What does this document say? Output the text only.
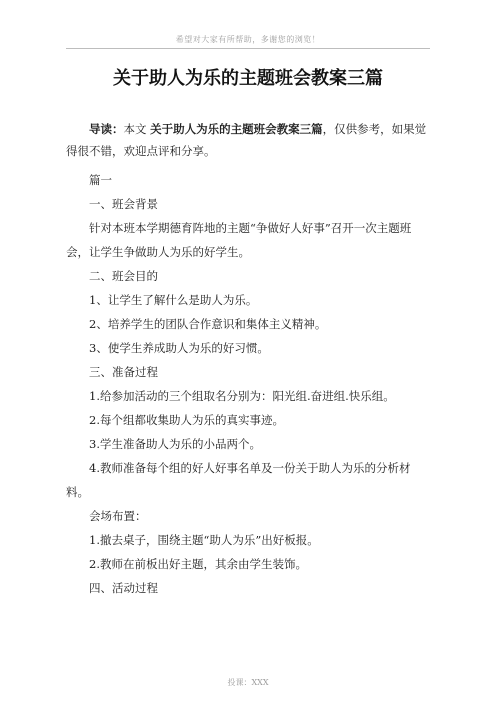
希望对大家有所帮助，多谢您的浏览！
关于助人为乐的主题班会教案三篇

导读：本文 关于助人为乐的主题班会教案三篇，仅供参考，如果觉得很不错，欢迎点评和分享。

篇一

一、班会背景

针对本班本学期德育阵地的主题“争做好人好事”召开一次主题班会，让学生争做助人为乐的好学生。

二、班会目的

1、让学生了解什么是助人为乐。

2、培养学生的团队合作意识和集体主义精神。

3、使学生养成助人为乐的好习惯。

三、准备过程

1.给参加活动的三个组取名分别为：阳光组.奋进组.快乐组。

2.每个组都收集助人为乐的真实事迹。

3.学生准备助人为乐的小品两个。

4.教师准备每个组的好人好事名单及一份关于助人为乐的分析材料。

会场布置：

1.撤去桌子，围绕主题“助人为乐”出好板报。

2.教师在前板出好主题，其余由学生装饰。

四、活动过程

投课：XXX
